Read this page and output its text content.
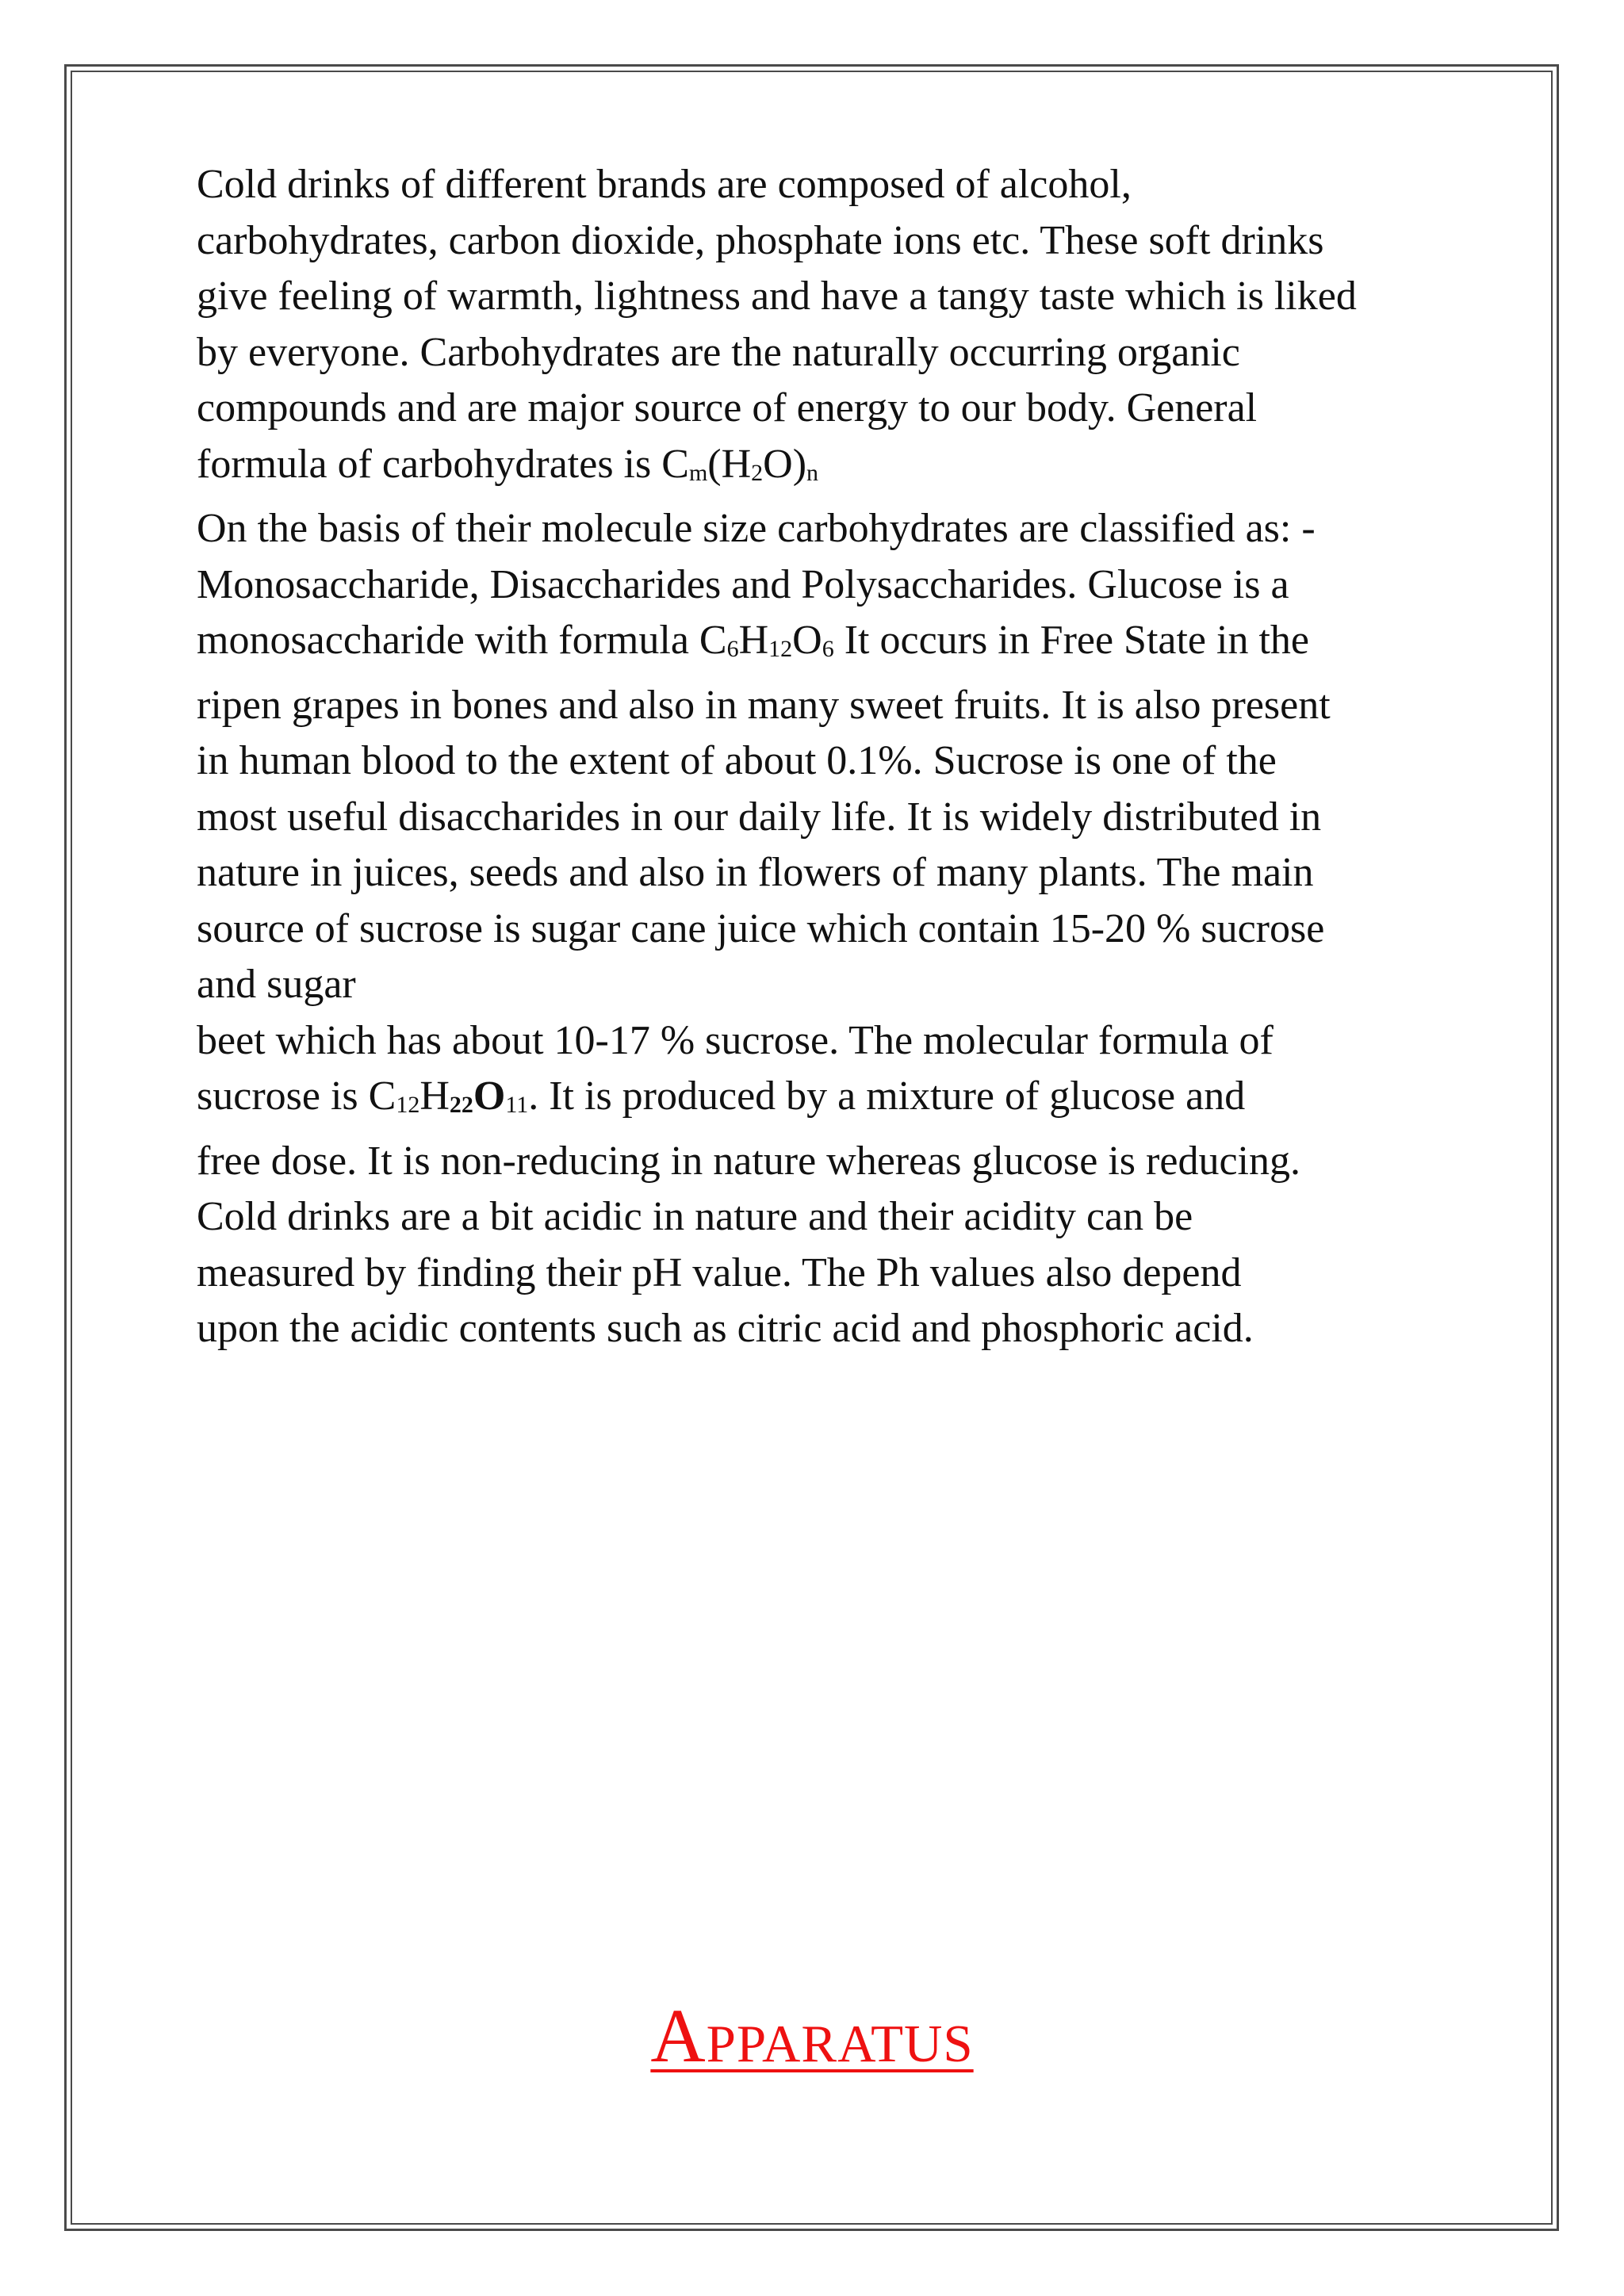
Cold drinks of different brands are composed of alcohol,
carbohydrates, carbon dioxide, phosphate ions etc. These soft drinks
give feeling of warmth, lightness and have a tangy taste which is liked
by everyone. Carbohydrates are the naturally occurring organic
compounds and are major source of energy to our body. General
formula of carbohydrates is Cm(H2O)n
On the basis of their molecule size carbohydrates are classified as: -
Monosaccharide, Disaccharides and Polysaccharides. Glucose is a
monosaccharide with formula C6H12O6 It occurs in Free State in the
ripen grapes in bones and also in many sweet fruits. It is also present
in human blood to the extent of about 0.1%. Sucrose is one of the
most useful disaccharides in our daily life. It is widely distributed in
nature in juices, seeds and also in flowers of many plants. The main
source of sucrose is sugar cane juice which contain 15-20 % sucrose
and sugar
beet which has about 10-17 % sucrose. The molecular formula of
sucrose is C12H22O11. It is produced by a mixture of glucose and
free dose. It is non-reducing in nature whereas glucose is reducing.
Cold drinks are a bit acidic in nature and their acidity can be
measured by finding their pH value. The Ph values also depend
upon the acidic contents such as citric acid and phosphoric acid.
Apparatus
